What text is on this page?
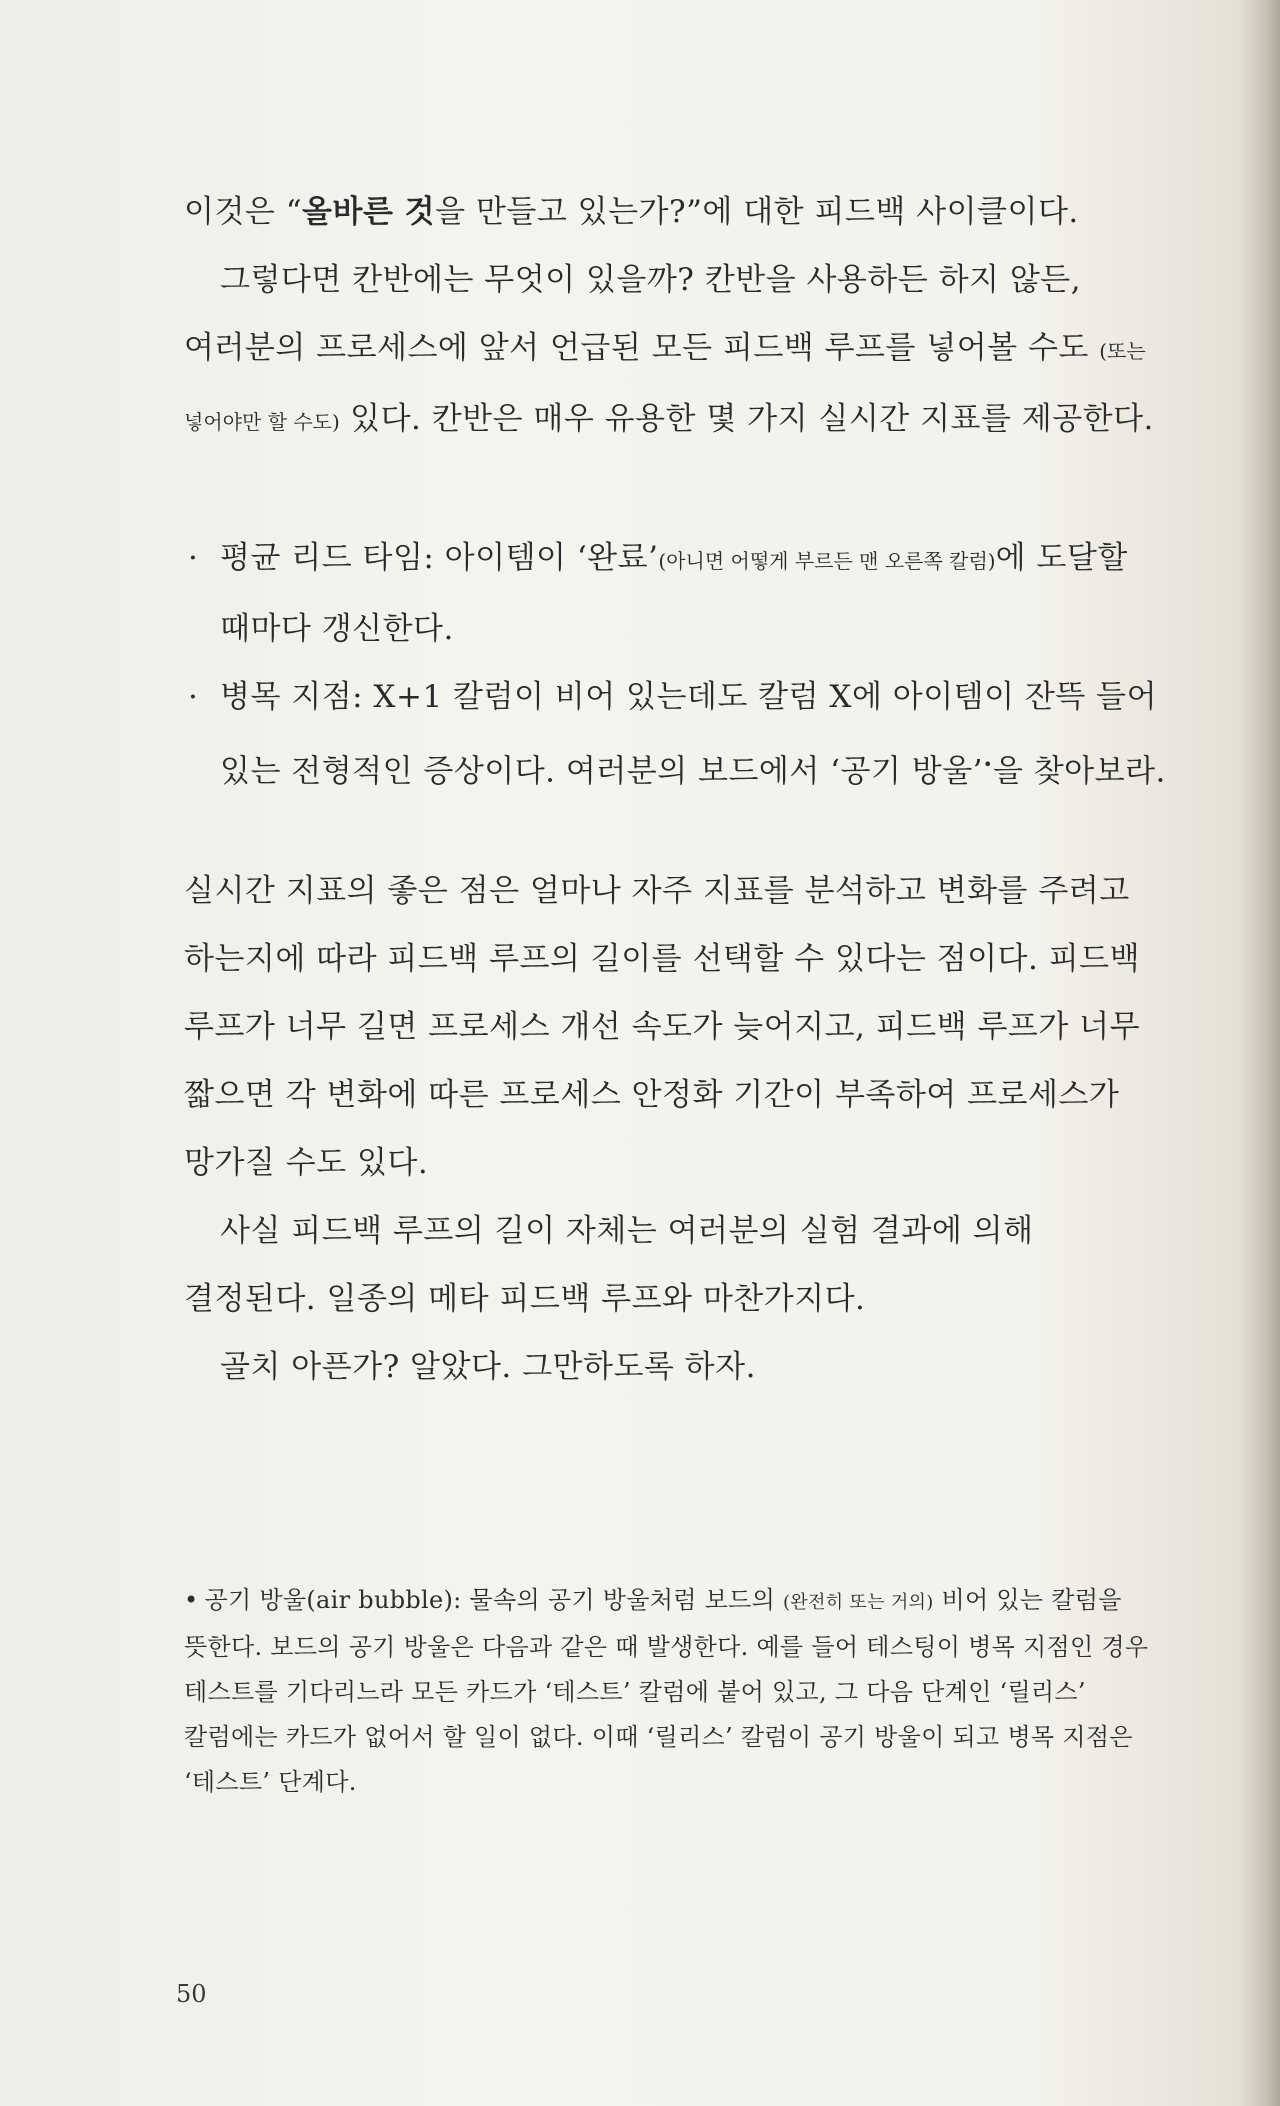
이것은 “올바른 것을 만들고 있는가?”에 대한 피드백 사이클이다.

그렇다면 칸반에는 무엇이 있을까? 칸반을 사용하든 하지 않든, 여러분의 프로세스에 앞서 언급된 모든 피드백 루프를 넣어볼 수도 (또는 넣어야만 할 수도) 있다. 칸반은 매우 유용한 몇 가지 실시간 지표를 제공한다.

· 평균 리드 타임: 아이템이 ‘완료’(아니면 어떻게 부르든 맨 오른쪽 칼럼)에 도달할 때마다 갱신한다.
· 병목 지점: X+1 칼럼이 비어 있는데도 칼럼 X에 아이템이 잔뜩 들어 있는 전형적인 증상이다. 여러분의 보드에서 ‘공기 방울’•을 찾아보라.

실시간 지표의 좋은 점은 얼마나 자주 지표를 분석하고 변화를 주려고 하는지에 따라 피드백 루프의 길이를 선택할 수 있다는 점이다. 피드백 루프가 너무 길면 프로세스 개선 속도가 늦어지고, 피드백 루프가 너무 짧으면 각 변화에 따른 프로세스 안정화 기간이 부족하여 프로세스가 망가질 수도 있다.

사실 피드백 루프의 길이 자체는 여러분의 실험 결과에 의해 결정된다. 일종의 메타 피드백 루프와 마찬가지다.

골치 아픈가? 알았다. 그만하도록 하자.

• 공기 방울(air bubble): 물속의 공기 방울처럼 보드의 (완전히 또는 거의) 비어 있는 칼럼을 뜻한다. 보드의 공기 방울은 다음과 같은 때 발생한다. 예를 들어 테스팅이 병목 지점인 경우 테스트를 기다리느라 모든 카드가 ‘테스트’ 칼럼에 붙어 있고, 그 다음 단계인 ‘릴리스’ 칼럼에는 카드가 없어서 할 일이 없다. 이때 ‘릴리스’ 칼럼이 공기 방울이 되고 병목 지점은 ‘테스트’ 단계다.
50
